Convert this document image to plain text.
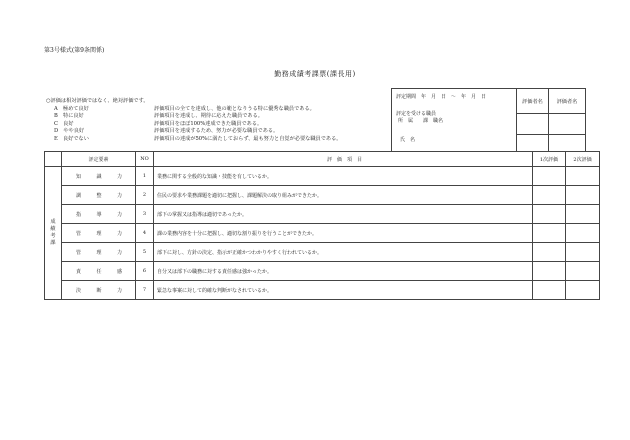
第3号様式(第9条関係)
勤務成績考課票(課長用)
○評価は相対評価ではなく、絶対評価です。
A　極めて良好	評価項目の全てを達成し、他の範となりうる特に優秀な職員である。
B　特に良好	評価項目を達成し、期待に応えた職員である。
C　良好	評価項目をほぼ100%達成できた職員である。
D　やや良好	評価項目を達成するため、努力が必要な職員である。
E　良好でない	評価項目の達成が50%に満たしておらず、最も努力と自覚が必要な職員である。
評定期間　年　月　日　～　年　月　日
評定を受ける職員
所　属　　課　職名
氏　名
評価者名	評価者名
	評定要素	NO	評　価　項　目	1次評価	2次評価
成績考課	知 識 力	1	業務に関する全般的な知識・技能を有しているか。		

	調 整 力	2	住民の要求や業務課題を適切に把握し、課題解決の取り組みができたか。		

	指 導 力	3	部下の掌握又は指導は適切であったか。		

	管 理 力	4	課の業務内容を十分に把握し、適切な割り振りを行うことができたか。		

	管 理 力	5	部下に対し、方針の決定、指示が正確かつわかりやすく行われているか。		

	責 任 感	6	自分又は部下の職務に対する責任感は強かったか。		

	決 断 力	7	緊急な事案に対して的確な判断がなされているか。		
